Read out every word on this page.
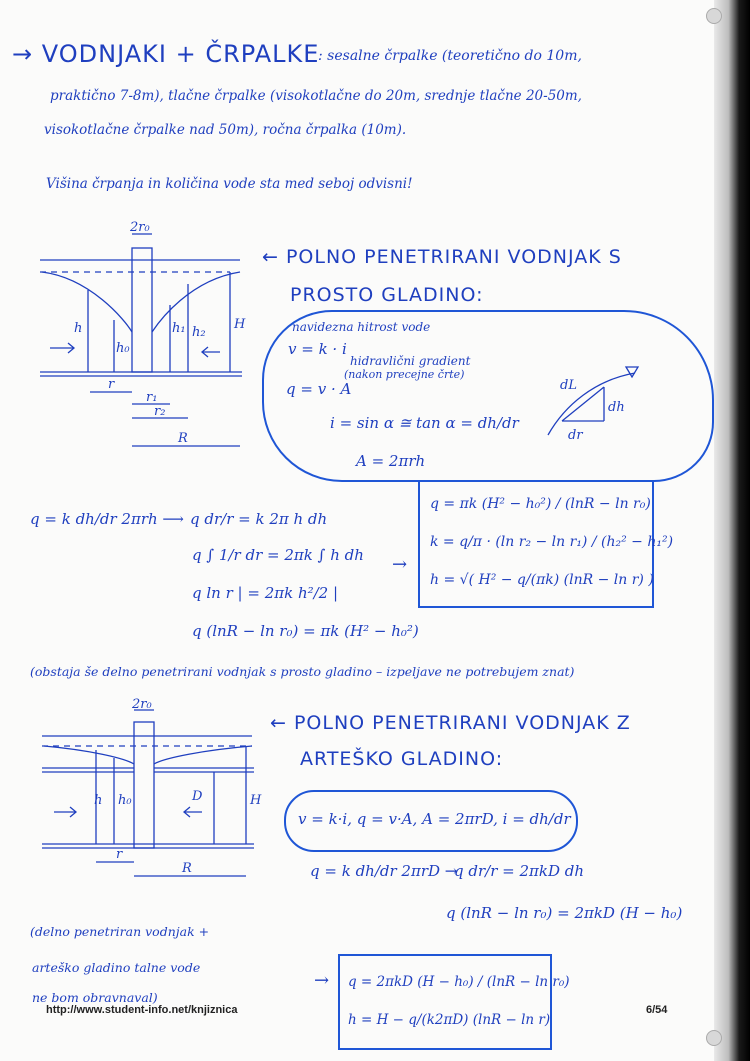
→ VODNJAKI + ČRPALKE
: sesalne črpalke (teoretično do 10m,
praktično 7-8m), tlačne črpalke (visokotlačne do 20m, srednje tlačne 20-50m,
visokotlačne črpalke nad 50m), ročna črpalka (10m).
Višina črpanja in količina vode sta med seboj odvisni!
2r₀
h
h₀
h₁ h₂
H
r
r₁
r₂
R
← POLNO PENETRIRANI VODNJAK S
PROSTO GLADINO:
navidezna hitrost vode
v = k · i
hidravlični gradient
(nakon precejne črte)
q = v · A
i = sin α ≅ tan α = dh/dr
A = 2πrh
dL
dh
dr
q = k dh/dr 2πrh ⟶ q dr/r = k 2π h dh
q ∫ 1/r dr = 2πk ∫ h dh
q ln r | = 2πk h²/2 |
q (lnR − ln r₀) = πk (H² − h₀²)
→
q = πk (H² − h₀²) / (lnR − ln r₀)
k = q/π · (ln r₂ − ln r₁) / (h₂² − h₁²)
h = √( H² − q/(πk) (lnR − ln r) )
(obstaja še delno penetrirani vodnjak s prosto gladino – izpeljave ne potrebujem znat)
2r₀
h h₀	D	H
r
R
← POLNO PENETRIRANI VODNJAK Z
ARTEŠKO GLADINO:
v = k·i, q = v·A, A = 2πrD, i = dh/dr
q = k dh/dr 2πrD →
q dr/r = 2πkD dh
q (lnR − ln r₀) = 2πkD (H − h₀)
(delno penetriran vodnjak +
arteško gladino talne vode
ne bom obravnaval)
→ q = 2πkD (H − h₀) / (lnR − ln r₀)
h = H − q/(k2πD) (lnR − ln r)
http://www.student-info.net/knjiznica	6/54
